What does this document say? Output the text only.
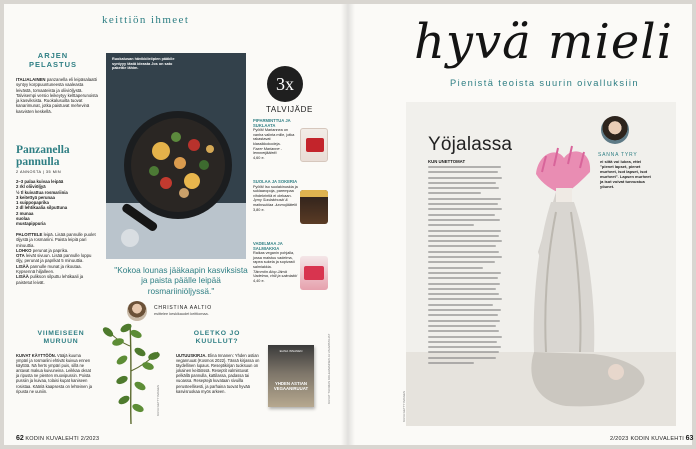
keittiön ihmeet
ARJEN PELASTUS
ITALIALAINEN panzanella eli leipäsalaatti syntyy korppuuntuneesta vaaleasta leivästä, tomaateista ja oliiviöljystä. Talvisempi versio leikeytyy kelttaperunoista ja kasviksista. Ruokalusuilta tuovat kanarimunat, jotka paistuvat mehevinä kasvisten keskellä.
Panzanella
pannulla
2 ANNOSTA | 35 MIN
2–3 palaa kuivaa leipää
2 rkl oliiviöljyä
½ tl kuivattua rosmariinia
3 keitettyä perunaa
1 suippopaprika
2 dl lehtikaalia silputtuna
2 munaa
suolaa
mustapippuria

PALOITTELE leipä. Lisää pannulle puolet öljystä ja rosmariini. Paista leipiä pari minuuttia.

LOHKO perunat ja paprika.

OTA leivät sivuun. Lisää pannulle loppu öljy, perunat ja paprikat 5 minuuttia.

LISÄÄ pannulle munat ja rikoutaa. Kypsennä hiljalleen.

LISÄÄ pulikson silputtu lehtikaali ja paistetut leivät.

Ruokalusan hävikkileiipien pääklle syntyyy tästä ideasta Jos on sato pakettie lähim.
"Kokoa lounas jääkaapin kasviksista ja paista päälle leipää rosmariiniöljyssä."
CHRISTINA AALTIO
esittelee keskikaudet keittiomaa.
3x
TALVIJÄDE
PIPARMINTTUA JA SUKLAATA
Pyöfä! Mariannea on vanha valinta mille, jotka rakastavat klassikkokodeja.
Fazer Marianne -lemmetjäätelö
4,60 e.
SUOLAA JA SOKERIA
Pyöfä! Iso suolakinuskia ja suklaaropoja, parempaa vihdekrintiä ei olekaan.
Jymy Suolakinuski & maitosuklaa -luomujäätelö
3,80 e.
VADELMAA JA SALMIAKKIA
Raikas veganin pohjalla, jossa maistuu vadelma, rapea sukela ja sopivasti salmiakkia.
Tämmön Alop Jämä Vadelma, chili ja salmiakki
4,40 e.
VIIMEISEEN MURUUN
KUIVAT KÄYTTÖÖN. Vääjä kuuma ympäri ja rosmariini ehtivät kuivua ennen käyttöä. Nä herts ympäri puis, sillä ne antavat makua kuivuneina. Leikkaa oksat ja ripusta ne pienten muovipussin. Poista pussiin ja kuivaa, tolaisi kupat kaniseen rosistaa. Kääriä kaapsesta on lehteinen ja ripusta ne uuniin.	KUVA GETTY IMAGES
OLETKO JO KUULLUT?
UUTUUSKIRJA. Elina Innanen: Yhden astian veganruuat (Kosmos 2022). Tässä kirjassa on täydellinen lupaus. Reseptikirjan tuoksuun on jokainen keittiössä. Reseptit valmistuvat pelkällä pannulla, kattilassa, padassa tai vuoassa. Reseptejä kuvataan sivuilla perusteellisesti, ja parhaina tuovat hyvää kasvisruokaa myös arkeen.
YHDEN ASTIAN VEGAANIRUUAT
ELINA INNANEN	KUVAT TUOMAS KOLEHMAINEN JA VALMISTAJAT
62 KODIN KUVALEHTI 2/2023
hyvä mieli
Pienistä teoista suurin oivalluksiin
Yöjalassa
KUN UNETTOMAT
SANNA TYRY
ei siitä voi lukea, ettei "pienet lapset, pienet murheet, isot lapset, isot murheet". Lapsen murheet ja isot voivat tunnustua yöunet.
KUVA GETTY IMAGES
2/2023 KODIN KUVALEHTI 63
